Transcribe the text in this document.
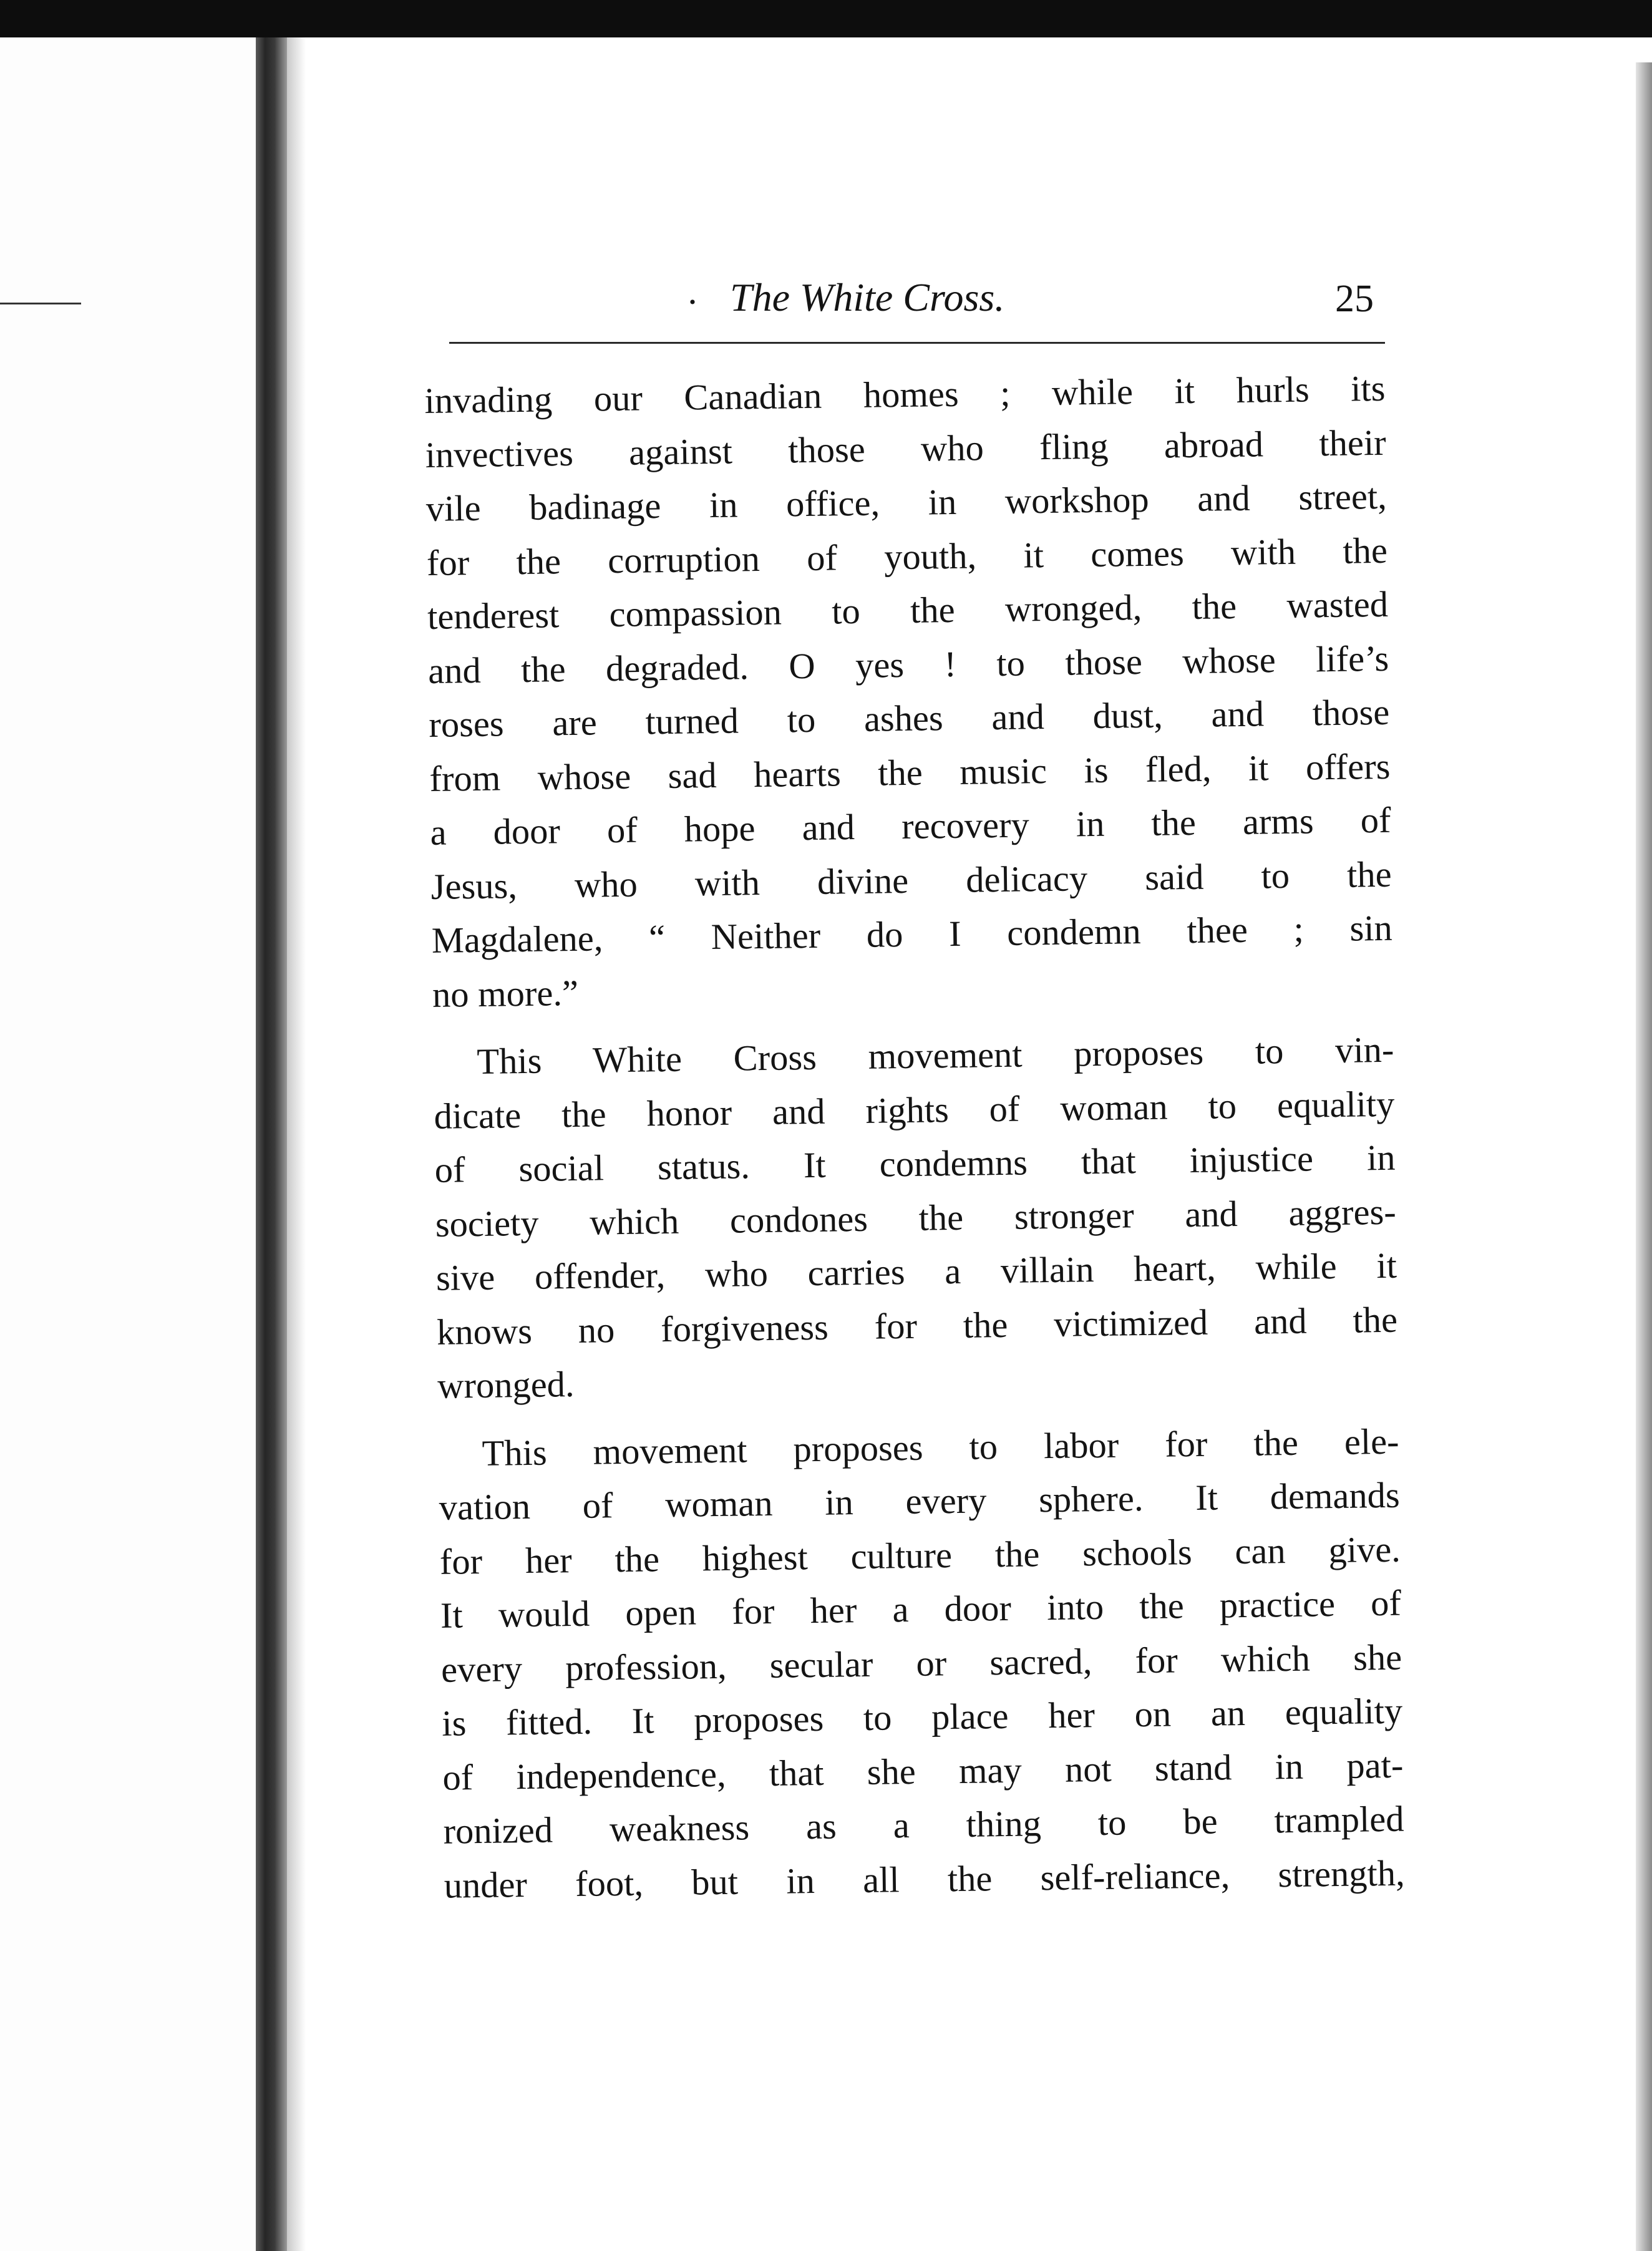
· The White Cross.	25

invading our Canadian homes ; while it hurls its
invectives against those who fling abroad their
vile badinage in office, in workshop and street,
for the corruption of youth, it comes with the
tenderest compassion to the wronged, the wasted
and the degraded. O yes ! to those whose life’s
roses are turned to ashes and dust, and those
from whose sad hearts the music is fled, it offers
a door of hope and recovery in the arms of
Jesus, who with divine delicacy said to the
Magdalene, “ Neither do I condemn thee ; sin
no more.”

This White Cross movement proposes to vin-
dicate the honor and rights of woman to equality
of social status. It condemns that injustice in
society which condones the stronger and aggres-
sive offender, who carries a villain heart, while it
knows no forgiveness for the victimized and the
wronged.

This movement proposes to labor for the ele-
vation of woman in every sphere. It demands
for her the highest culture the schools can give.
It would open for her a door into the practice of
every profession, secular or sacred, for which she
is fitted. It proposes to place her on an equality
of independence, that she may not stand in pat-
ronized weakness as a thing to be trampled
under foot, but in all the self-reliance, strength,
